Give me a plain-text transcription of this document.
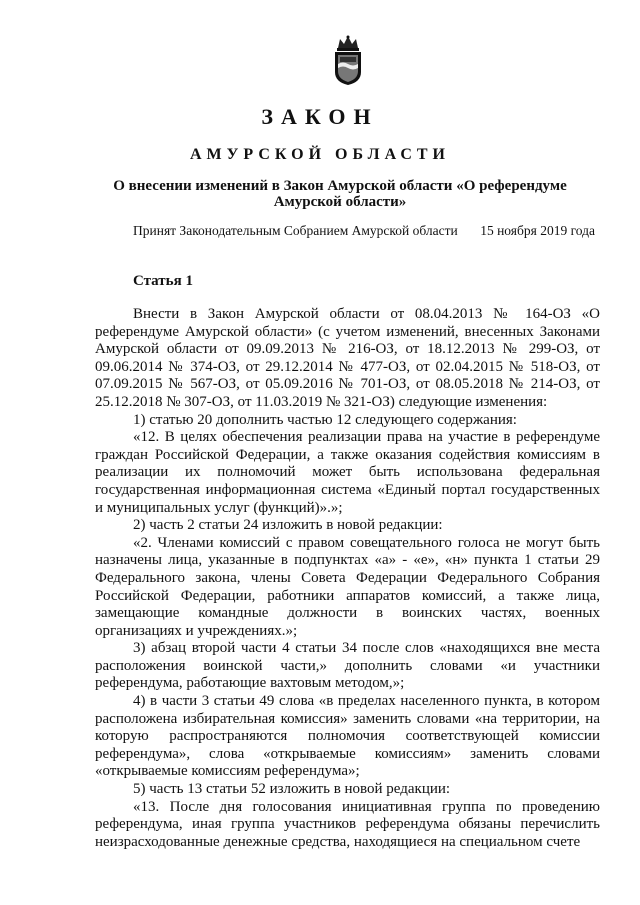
ЗАКОН
АМУРСКОЙ ОБЛАСТИ
О внесении изменений в Закон Амурской области «О референдуме Амурской области»
Принят Законодательным Собранием Амурской области 15 ноября 2019 года
Статья 1

Внести в Закон Амурской области от 08.04.2013 № 164-ОЗ «О референдуме Амурской области» (с учетом изменений, внесенных Законами Амурской области от 09.09.2013 № 216-ОЗ, от 18.12.2013 № 299-ОЗ, от 09.06.2014 № 374-ОЗ, от 29.12.2014 № 477-ОЗ, от 02.04.2015 № 518-ОЗ, от 07.09.2015 № 567-ОЗ, от 05.09.2016 № 701-ОЗ, от 08.05.2018 № 214-ОЗ, от 25.12.2018 № 307-ОЗ, от 11.03.2019 № 321-ОЗ) следующие изменения:

1) статью 20 дополнить частью 12 следующего содержания:

«12. В целях обеспечения реализации права на участие в референдуме граждан Российской Федерации, а также оказания содействия комиссиям в реализации их полномочий может быть использована федеральная государственная информационная система «Единый портал государственных и муниципальных услуг (функций)».»;

2) часть 2 статьи 24 изложить в новой редакции:

«2. Членами комиссий с правом совещательного голоса не могут быть назначены лица, указанные в подпунктах «а» - «е», «н» пункта 1 статьи 29 Федерального закона, члены Совета Федерации Федерального Собрания Российской Федерации, работники аппаратов комиссий, а также лица, замещающие командные должности в воинских частях, военных организациях и учреждениях.»;

3) абзац второй части 4 статьи 34 после слов «находящихся вне места расположения воинской части,» дополнить словами «и участники референдума, работающие вахтовым методом,»;

4) в части 3 статьи 49 слова «в пределах населенного пункта, в котором расположена избирательная комиссия» заменить словами «на территории, на которую распространяются полномочия соответствующей комиссии референдума», слова «открываемые комиссиям» заменить словами «открываемые комиссиям референдума»;

5) часть 13 статьи 52 изложить в новой редакции:

«13. После дня голосования инициативная группа по проведению референдума, иная группа участников референдума обязаны перечислить неизрасходованные денежные средства, находящиеся на специальном счете
